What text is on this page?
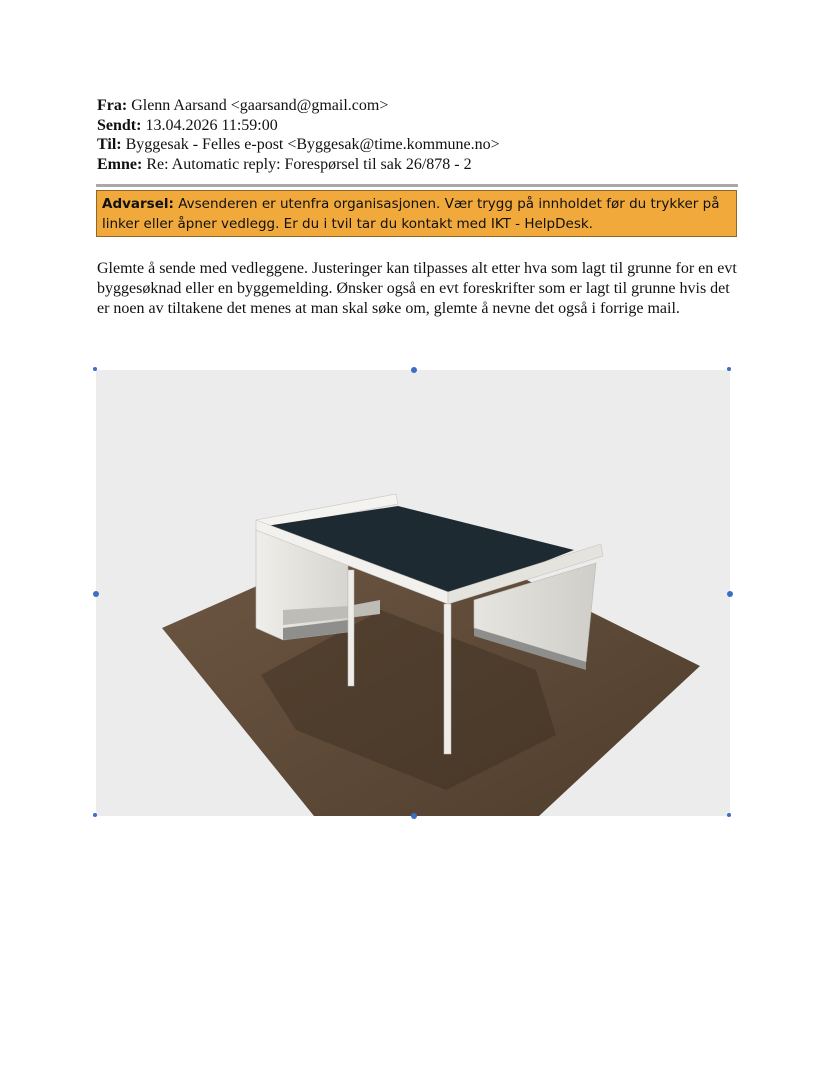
Fra: Glenn Aarsand <gaarsand@gmail.com>
Sendt: 13.04.2026 11:59:00
Til: Byggesak - Felles e-post <Byggesak@time.kommune.no>
Emne: Re: Automatic reply: Forespørsel til sak 26/878 - 2
Advarsel: Avsenderen er utenfra organisasjonen. Vær trygg på innholdet før du trykker på linker eller åpner vedlegg. Er du i tvil tar du kontakt med IKT - HelpDesk.
Glemte å sende med vedleggene. Justeringer kan tilpasses alt etter hva som lagt til grunne for en evt byggesøknad eller en byggemelding. Ønsker også en evt foreskrifter som er lagt til grunne hvis det er noen av tiltakene det menes at man skal søke om, glemte å nevne det også i forrige mail.
